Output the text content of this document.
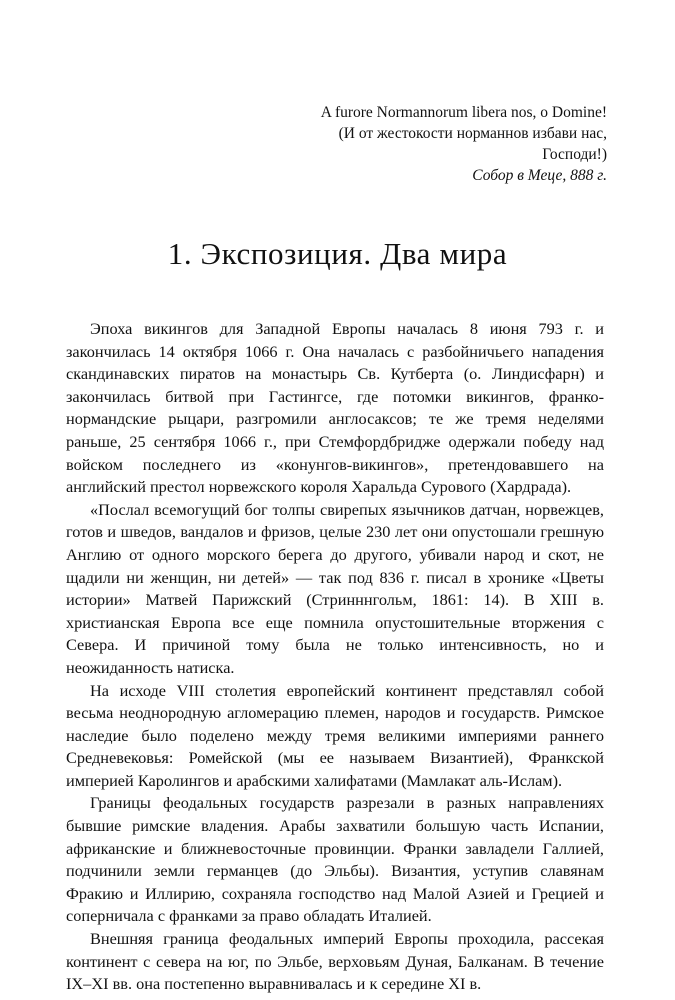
A furore Normannorum libera nos, o Domine!
(И от жестокости норманнов избави нас,
Господи!)
Собор в Меце, 888 г.
1. Экспозиция. Два мира

Эпоха викингов для Западной Европы началась 8 июня 793 г. и закончилась 14 октября 1066 г. Она началась с разбойничьего нападения скандинавских пиратов на монастырь Св. Кутберта (о. Линдисфарн) и закончилась битвой при Гастингсе, где потомки викингов, франко-нормандские рыцари, разгромили англосаксов; те же тремя неделями раньше, 25 сентября 1066 г., при Стемфордбридже одержали победу над войском последнего из «конунгов-викингов», претендовавшего на английский престол норвежского короля Харальда Сурового (Хардрада).

«Послал всемогущий бог толпы свирепых язычников датчан, норвежцев, готов и шведов, вандалов и фризов, целые 230 лет они опустошали грешную Англию от одного морского берега до другого, убивали народ и скот, не щадили ни женщин, ни детей» — так под 836 г. писал в хронике «Цветы истории» Матвей Парижский (Стринннгольм, 1861: 14). В XIII в. христианская Европа все еще помнила опустошительные вторжения с Севера. И причиной тому была не только интенсивность, но и неожиданность натиска.

На исходе VIII столетия европейский континент представлял собой весьма неоднородную агломерацию племен, народов и государств. Римское наследие было поделено между тремя великими империями раннего Средневековья: Ромейской (мы ее называем Византией), Франкской империей Каролингов и арабскими халифатами (Мамлакат аль-Ислам).

Границы феодальных государств разрезали в разных направлениях бывшие римские владения. Арабы захватили большую часть Испании, африканские и ближневосточные провинции. Франки завладели Галлией, подчинили земли германцев (до Эльбы). Византия, уступив славянам Фракию и Иллирию, сохраняла господство над Малой Азией и Грецией и соперничала с франками за право обладать Италией.

Внешняя граница феодальных империй Европы проходила, рассекая континент с севера на юг, по Эльбе, верховьям Дуная, Балканам. В течение IX–XI вв. она постепенно выравнивалась и к середине XI в.
